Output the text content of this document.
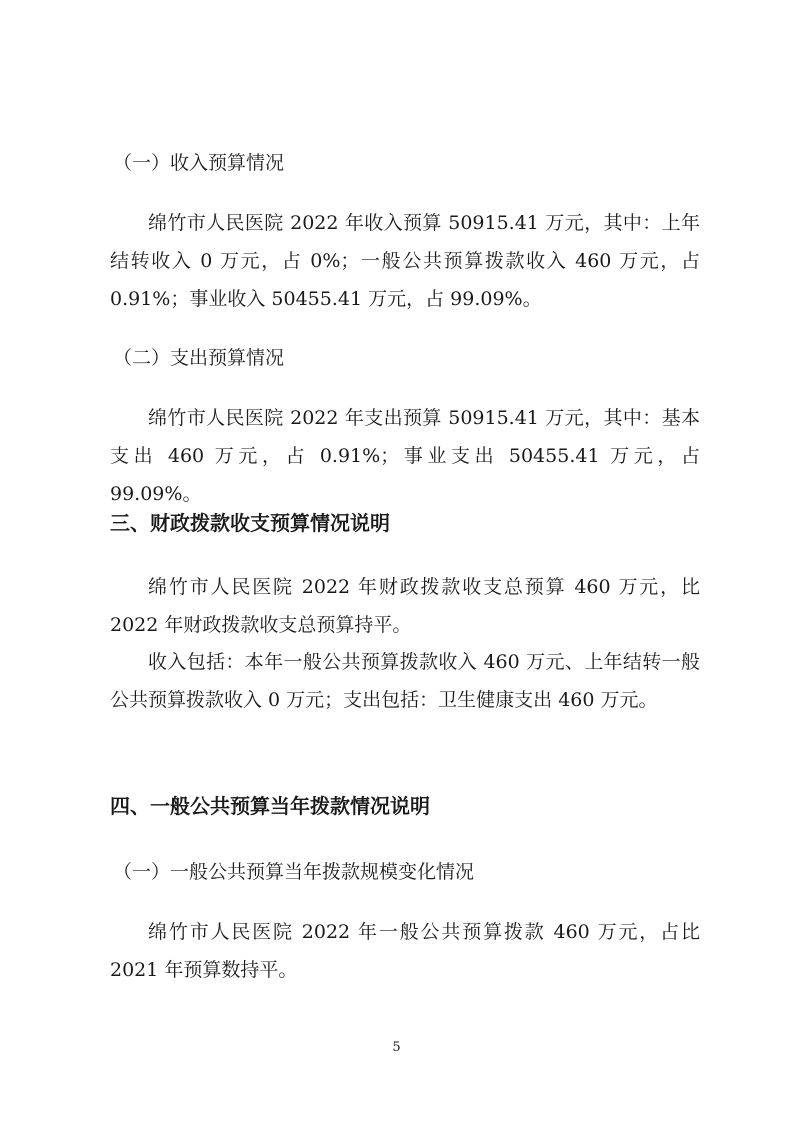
（一）收入预算情况

绵竹市人民医院 2022 年收入预算 50915.41 万元，其中：上年结转收入 0 万元，占 0%；一般公共预算拨款收入 460 万元，占 0.91%；事业收入 50455.41 万元，占 99.09%。

（二）支出预算情况

绵竹市人民医院 2022 年支出预算 50915.41 万元，其中：基本支出 460 万元，占 0.91%；事业支出 50455.41 万元，占 99.09%。

三、财政拨款收支预算情况说明

绵竹市人民医院 2022 年财政拨款收支总预算 460 万元，比 2022 年财政拨款收支总预算持平。

收入包括：本年一般公共预算拨款收入 460 万元、上年结转一般公共预算拨款收入 0 万元；支出包括：卫生健康支出 460 万元。

四、一般公共预算当年拨款情况说明
（一）一般公共预算当年拨款规模变化情况

绵竹市人民医院 2022 年一般公共预算拨款 460 万元，占比 2021 年预算数持平。

5
